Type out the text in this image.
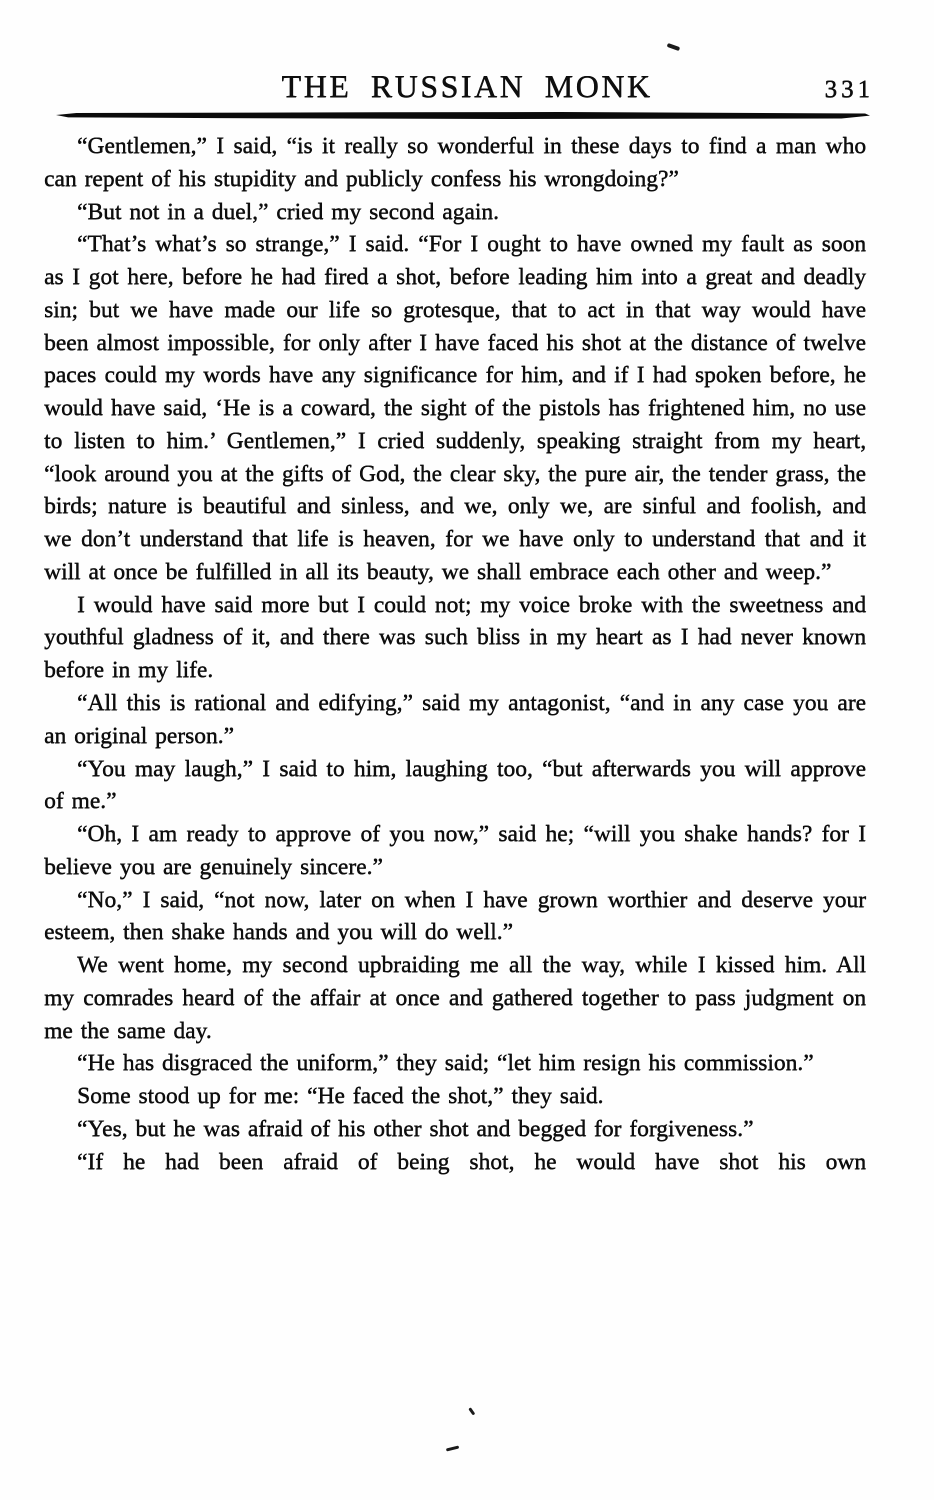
THE RUSSIAN MONK	331

“Gentlemen,” I said, “is it really so wonderful in these days to find a man who can repent of his stupidity and publicly confess his wrongdoing?”

“But not in a duel,” cried my second again.

“That’s what’s so strange,” I said. “For I ought to have owned my fault as soon as I got here, before he had fired a shot, before leading him into a great and deadly sin; but we have made our life so grotesque, that to act in that way would have been almost impossible, for only after I have faced his shot at the distance of twelve paces could my words have any significance for him, and if I had spoken before, he would have said, ‘He is a coward, the sight of the pistols has frightened him, no use to listen to him.’ Gentlemen,” I cried suddenly, speaking straight from my heart, “look around you at the gifts of God, the clear sky, the pure air, the tender grass, the birds; nature is beautiful and sinless, and we, only we, are sinful and foolish, and we don’t understand that life is heaven, for we have only to understand that and it will at once be fulfilled in all its beauty, we shall embrace each other and weep.”

I would have said more but I could not; my voice broke with the sweetness and youthful gladness of it, and there was such bliss in my heart as I had never known before in my life.

“All this is rational and edifying,” said my antagonist, “and in any case you are an original person.”

“You may laugh,” I said to him, laughing too, “but afterwards you will approve of me.”

“Oh, I am ready to approve of you now,” said he; “will you shake hands? for I believe you are genuinely sincere.”

“No,” I said, “not now, later on when I have grown worthier and deserve your esteem, then shake hands and you will do well.”

We went home, my second upbraiding me all the way, while I kissed him. All my comrades heard of the affair at once and gathered together to pass judgment on me the same day.

“He has disgraced the uniform,” they said; “let him resign his commission.”

Some stood up for me: “He faced the shot,” they said.

“Yes, but he was afraid of his other shot and begged for forgiveness.”

“If he had been afraid of being shot, he would have shot his own
